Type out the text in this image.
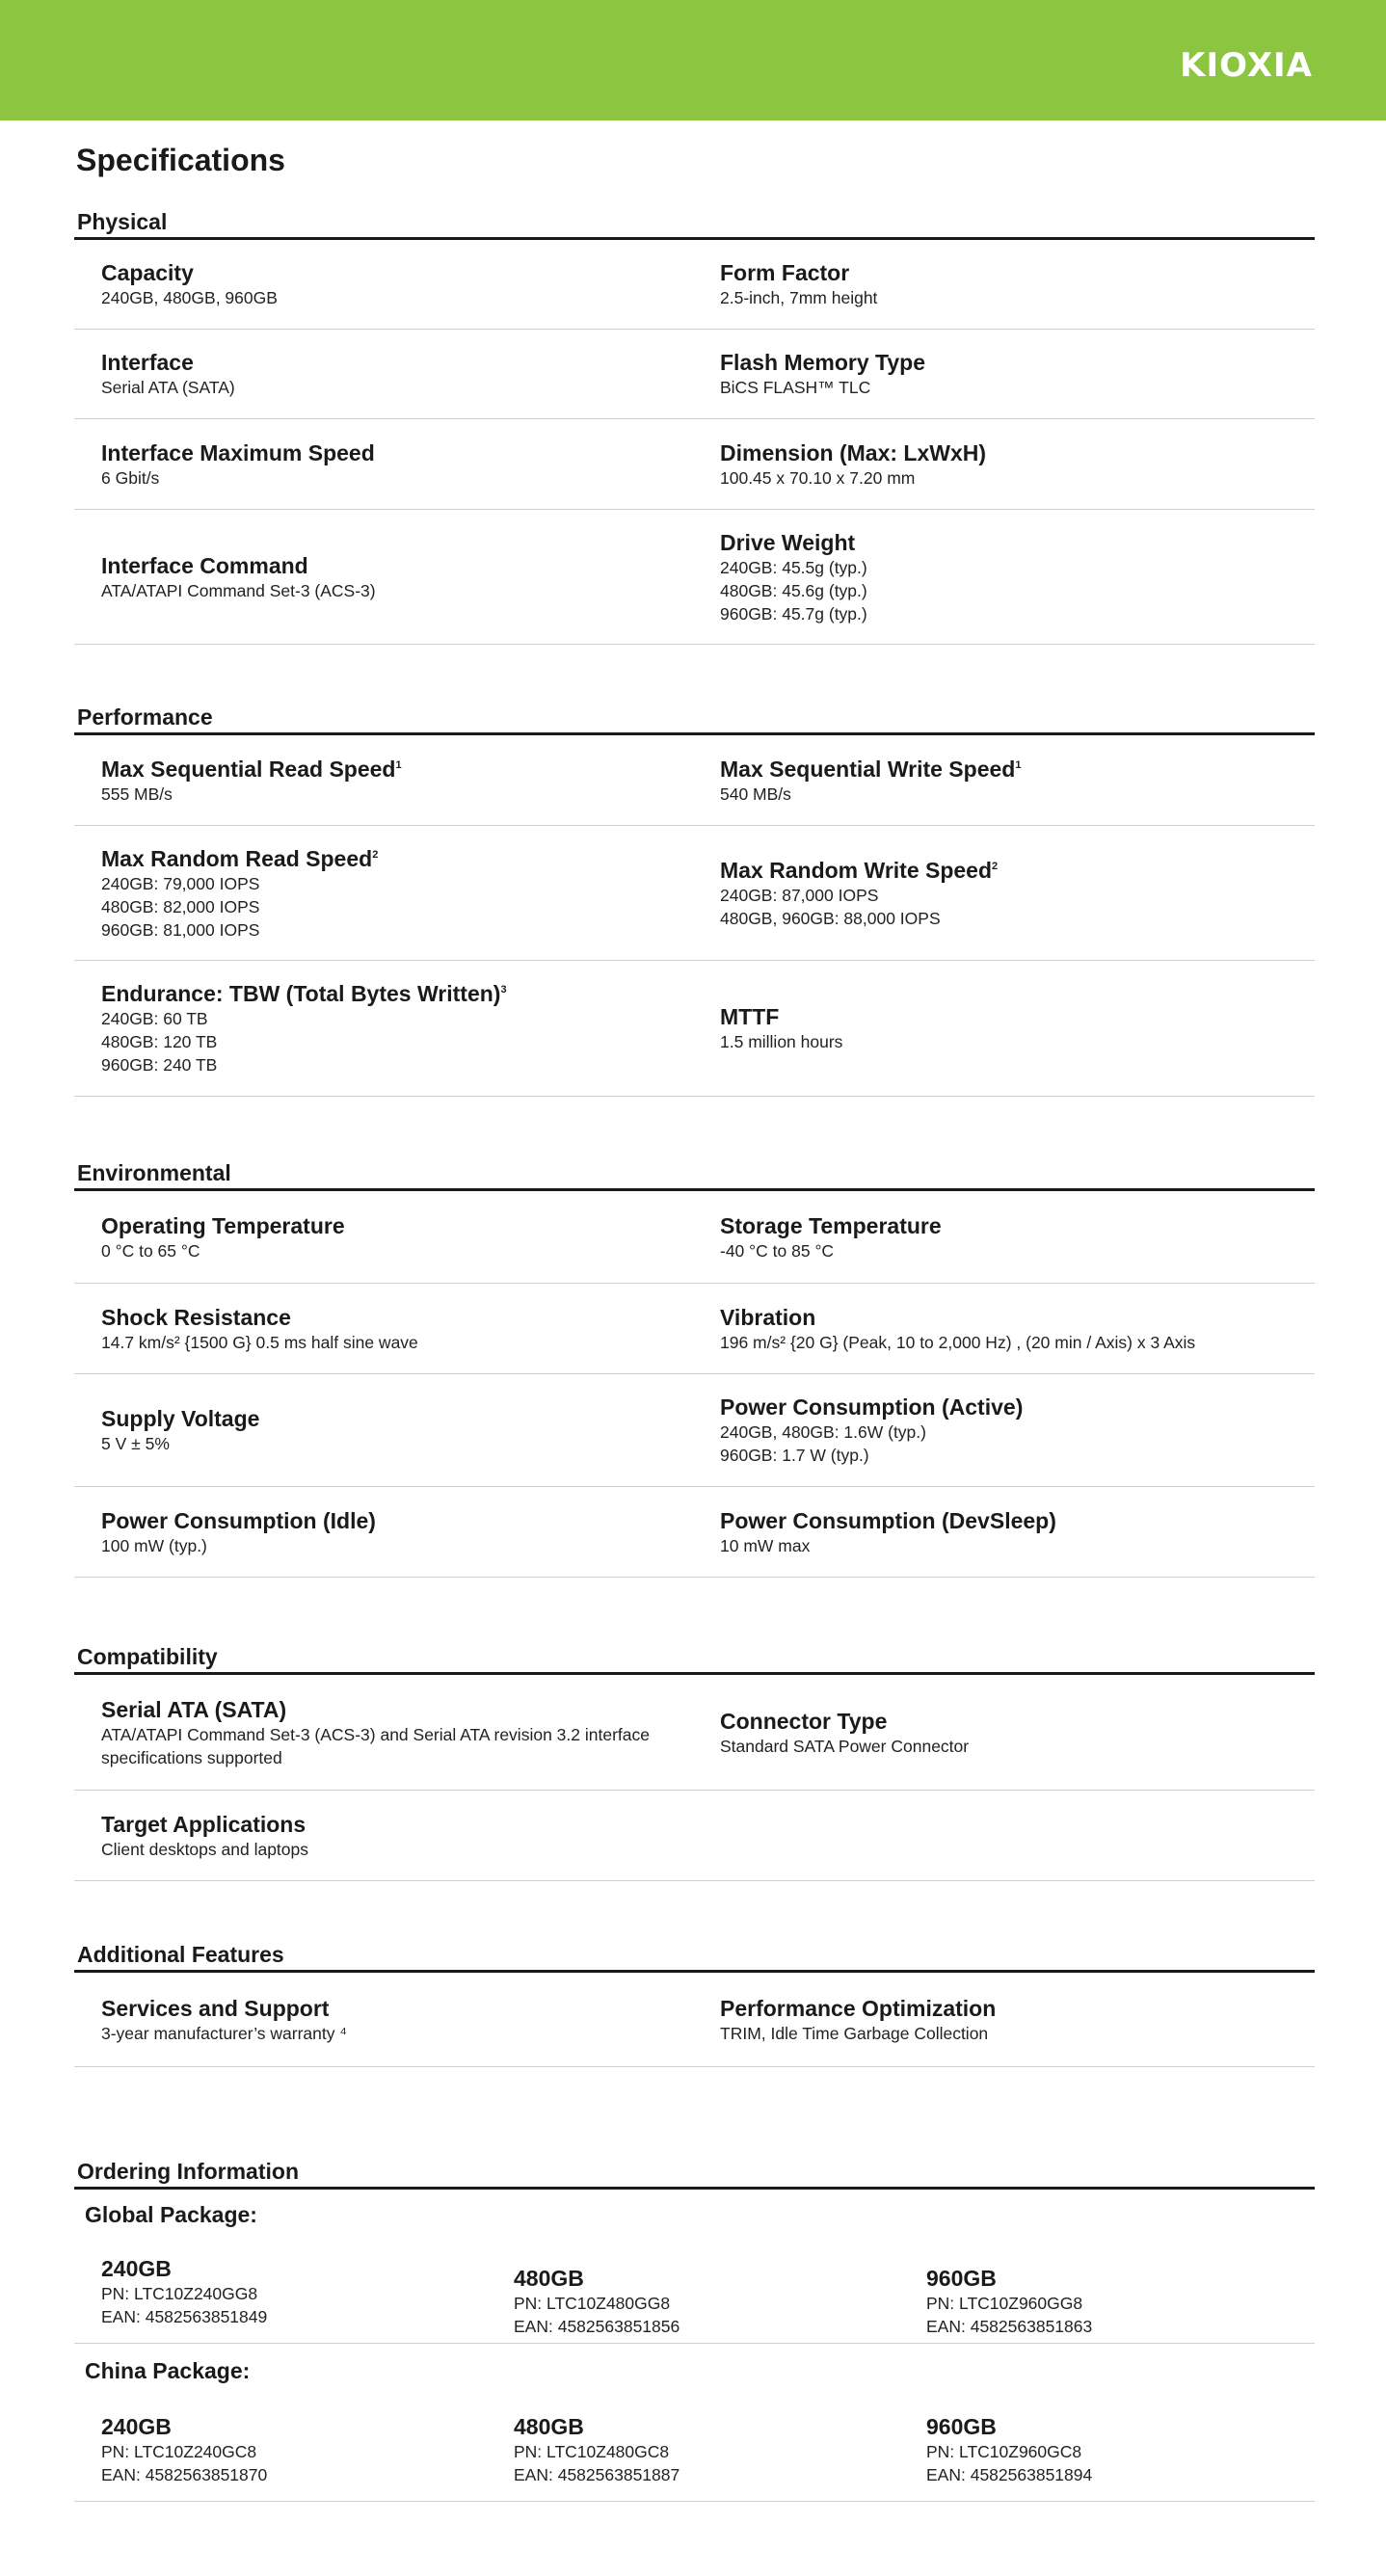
KIOXIA
Specifications
Physical
Capacity
240GB, 480GB, 960GB
Form Factor
2.5-inch, 7mm height
Interface
Serial ATA (SATA)
Flash Memory Type
BiCS FLASH™ TLC
Interface Maximum Speed
6 Gbit/s
Dimension (Max: LxWxH)
100.45 x 70.10 x 7.20 mm
Interface Command
ATA/ATAPI Command Set-3 (ACS-3)
Drive Weight
240GB: 45.5g (typ.)
480GB: 45.6g (typ.)
960GB: 45.7g (typ.)
Performance
Max Sequential Read Speed$^1$
555 MB/s
Max Sequential Write Speed$^1$
540 MB/s
Max Random Read Speed$^2$
240GB: 79,000 IOPS
480GB: 82,000 IOPS
960GB: 81,000 IOPS
Max Random Write Speed$^2$
240GB: 87,000 IOPS
480GB, 960GB: 88,000 IOPS
Endurance: TBW (Total Bytes Written)$^3$
240GB: 60 TB
480GB: 120 TB
960GB: 240 TB
MTTF
1.5 million hours
Environmental
Operating Temperature
0 °C to 65 °C
Storage Temperature
-40 °C to 85 °C
Shock Resistance
14.7 km/s² {1500 G} 0.5 ms half sine wave
Vibration
196 m/s² {20 G} (Peak, 10 to 2,000 Hz) , (20 min / Axis) x 3 Axis
Supply Voltage
5 V ± 5%
Power Consumption (Active)
240GB, 480GB: 1.6W (typ.)
960GB: 1.7 W (typ.)
Power Consumption (Idle)
100 mW (typ.)
Power Consumption (DevSleep)
10 mW max
Compatibility
Serial ATA (SATA)
ATA/ATAPI Command Set-3 (ACS-3) and Serial ATA revision 3.2 interface
specifications supported
Connector Type
Standard SATA Power Connector
Target Applications
Client desktops and laptops
Additional Features
Services and Support
3-year manufacturer’s warranty ⁴
Performance Optimization
TRIM, Idle Time Garbage Collection
Ordering Information
Global Package:
240GB
PN: LTC10Z240GG8
EAN: 4582563851849
480GB
PN: LTC10Z480GG8
EAN: 4582563851856
960GB
PN: LTC10Z960GG8
EAN: 4582563851863
China Package:
240GB
PN: LTC10Z240GC8
EAN: 4582563851870
480GB
PN: LTC10Z480GC8
EAN: 4582563851887
960GB
PN: LTC10Z960GC8
EAN: 4582563851894
